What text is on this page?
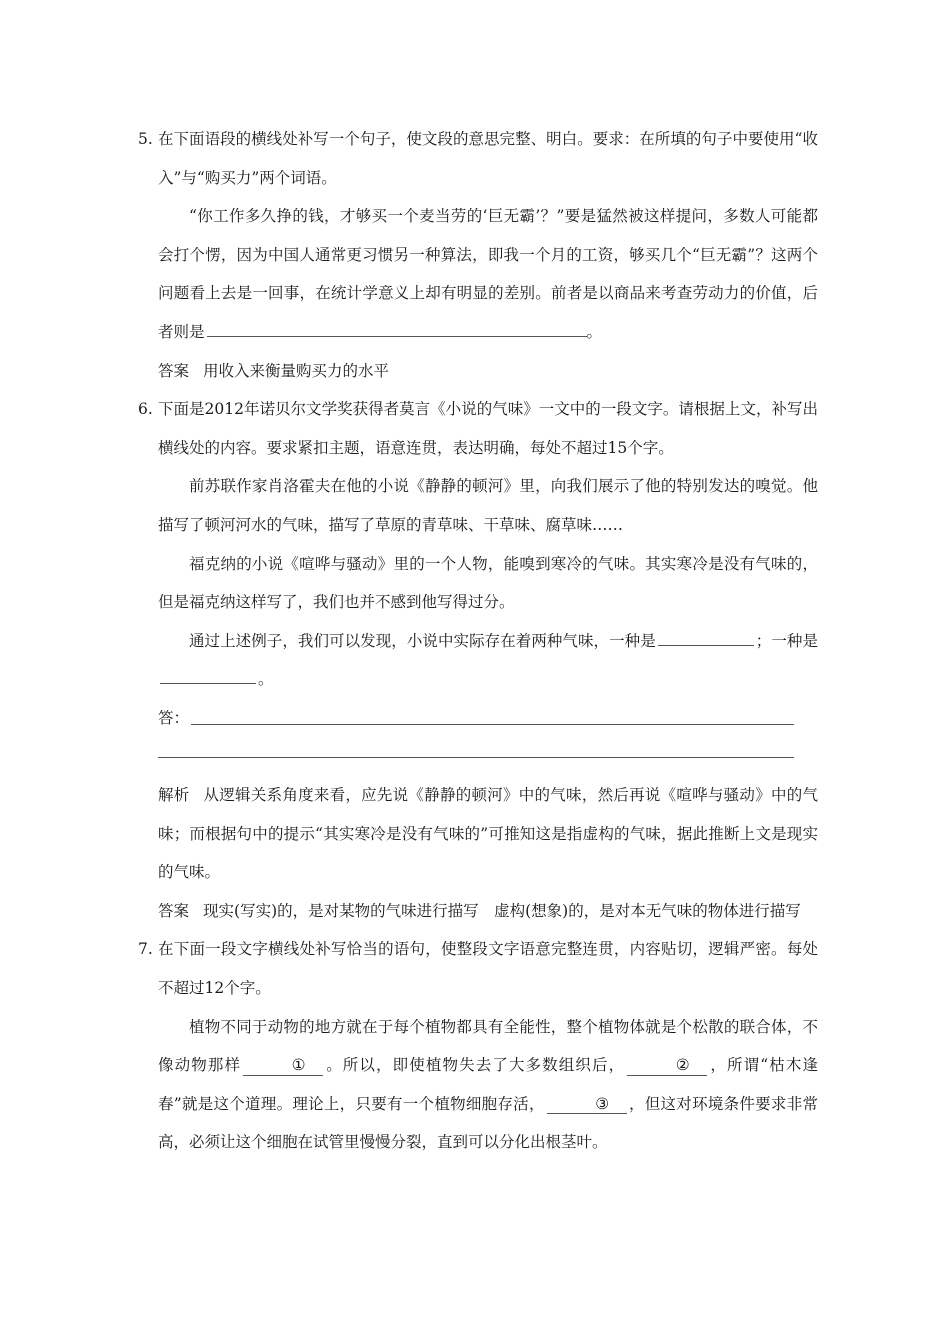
5. 在下面语段的横线处补写一个句子，使文段的意思完整、明白。要求：在所填的句子中要使用“收入”与“购买力”两个词语。
“你工作多久挣的钱，才够买一个麦当劳的‘巨无霸’？”要是猛然被这样提问，多数人可能都会打个愣，因为中国人通常更习惯另一种算法，即我一个月的工资，够买几个“巨无霸”？这两个问题看上去是一回事，在统计学意义上却有明显的差别。前者是以商品来考查劳动力的价值，后者则是	。
答案 用收入来衡量购买力的水平
6. 下面是2012年诺贝尔文学奖获得者莫言《小说的气味》一文中的一段文字。请根据上文，补写出横线处的内容。要求紧扣主题，语意连贯，表达明确，每处不超过15个字。
前苏联作家肖洛霍夫在他的小说《静静的顿河》里，向我们展示了他的特别发达的嗅觉。他描写了顿河河水的气味，描写了草原的青草味、干草味、腐草味……
福克纳的小说《喧哗与骚动》里的一个人物，能嗅到寒冷的气味。其实寒冷是没有气味的，但是福克纳这样写了，我们也并不感到他写得过分。
通过上述例子，我们可以发现，小说中实际存在着两种气味，一种是	；一种是。
答：
解析 从逻辑关系角度来看，应先说《静静的顿河》中的气味，然后再说《喧哗与骚动》中的气味；而根据句中的提示“其实寒冷是没有气味的”可推知这是指虚构的气味，据此推断上文是现实的气味。
答案 现实(写实)的，是对某物的气味进行描写　虚构(想象)的，是对本无气味的物体进行描写
7. 在下面一段文字横线处补写恰当的语句，使整段文字语意完整连贯，内容贴切，逻辑严密。每处不超过12个字。
植物不同于动物的地方就在于每个植物都具有全能性，整个植物体就是个松散的联合体，不像动物那样	① 。所以，即使植物失去了大多数组织后，	② ，所谓“枯木逢春”就是这个道理。理论上，只要有一个植物细胞存活，	③ ，但这对环境条件要求非常高，必须让这个细胞在试管里慢慢分裂，直到可以分化出根茎叶。
